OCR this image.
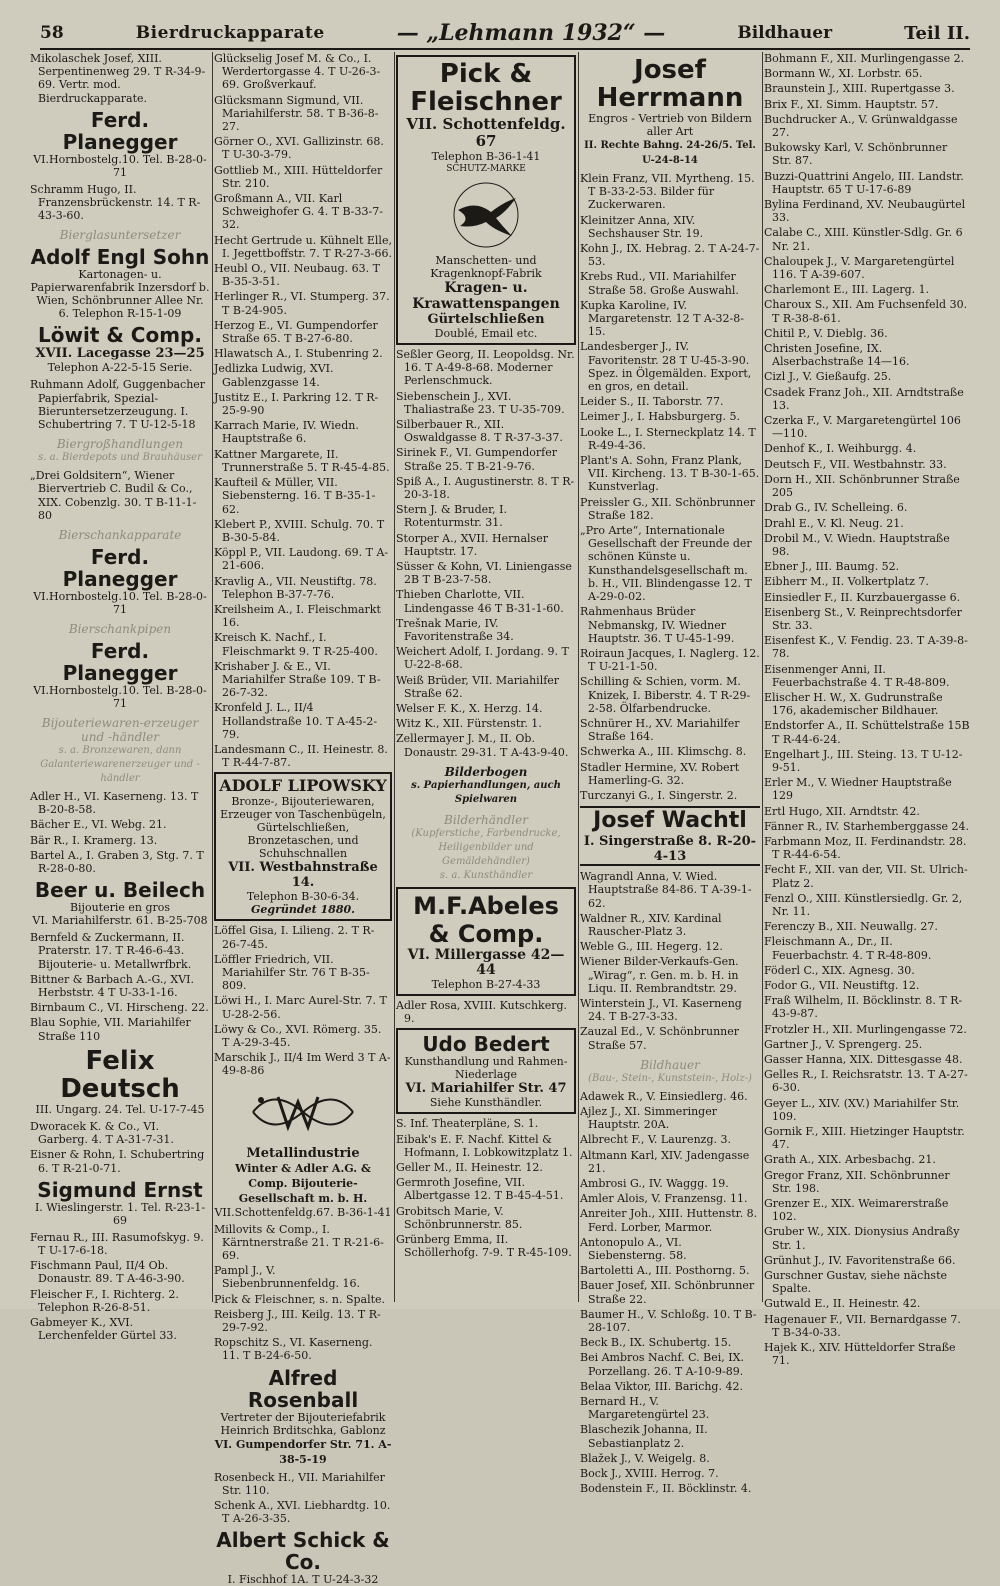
58	Bierdruckapparate	— „Lehmann 1932“ —	Bildhauer	Teil II.
Mikolaschek Josef, XIII. Serpentinenweg 29. T R-34-9-69. Vertr. mod. Bierdruckapparate.
Ferd. Planegger
VI.Hornbostelg.10. Tel. B-28-0-71
Schramm Hugo, II. Franzensbrückenstr. 14. T R-43-3-60.
Bierglasuntersetzer
Adolf Engl Sohn
Kartonagen- u. Papierwarenfabrik Inzersdorf b. Wien, Schönbrunner Allee Nr. 6. Telephon R-15-1-09
Löwit & Comp.
XVII. Lacegasse 23—25
Telephon A-22-5-15 Serie.
Ruhmann Adolf, Guggenbacher Papierfabrik, Spezial-Bieruntersetzerzeugung. I. Schubertring 7. T U-12-5-18
Biergroßhandlungen
s. a. Bierdepots und Brauhäuser
„Drei Goldsitern“, Wiener Biervertrieb C. Budil & Co., XIX. Cobenzlg. 30. T B-11-1-80
Bierschankapparate
Ferd. Planegger
VI.Hornbostelg.10. Tel. B-28-0-71
Bierschankpipen
Ferd. Planegger
VI.Hornbostelg.10. Tel. B-28-0-71
Bijouteriewaren-erzeuger und -händler
s. a. Bronzewaren, dann Galanteriewarenerzeuger und -händler
Adler H., VI. Kaserneng. 13. T B-20-8-58.
Bächer E., VI. Webg. 21.
Bär R., I. Kramerg. 13.
Bartel A., I. Graben 3, Stg. 7. T R-28-0-80.
Beer u. Beilech
Bijouterie en gros
VI. Mariahilferstr. 61. B-25-708
Bernfeld & Zuckermann, II. Praterstr. 17. T R-46-6-43. Bijouterie- u. Metallwrfbrk.
Bittner & Barbach A.-G., XVI. Herbststr. 4 T U-33-1-16.
Birnbaum C., VI. Hirscheng. 22.
Blau Sophie, VII. Mariahilfer Straße 110
Felix Deutsch
III. Ungarg. 24. Tel. U-17-7-45
Dworacek K. & Co., VI. Garberg. 4. T A-31-7-31.
Eisner & Rohn, I. Schubertring 6. T R-21-0-71.
Sigmund Ernst
I. Wieslingerstr. 1. Tel. R-23-1-69
Fernau R., III. Rasumofskyg. 9. T U-17-6-18.
Fischmann Paul, II/4 Ob. Donaustr. 89. T A-46-3-90.
Fleischer F., I. Richterg. 2. Telephon R-26-8-51.
Gabmeyer K., XVI. Lerchenfelder Gürtel 33.
Glückselig Josef M. & Co., I. Werdertorgasse 4. T U-26-3-69. Großverkauf.
Glücksmann Sigmund, VII. Mariahilferstr. 58. T B-36-8-27.
Görner O., XVI. Gallizinstr. 68. T U-30-3-79.
Gottlieb M., XIII. Hütteldorfer Str. 210.
Großmann A., VII. Karl Schweighofer G. 4. T B-33-7-32.
Hecht Gertrude u. Kühnelt Elle, I. Jegettboffstr. 7. T R-27-3-66.
Heubl O., VII. Neubaug. 63. T B-35-3-51.
Herlinger R., VI. Stumperg. 37. T B-24-905.
Herzog E., VI. Gumpendorfer Straße 65. T B-27-6-80.
Hlawatsch A., I. Stubenring 2.
Jedlizka Ludwig, XVI. Gablenzgasse 14.
Justitz E., I. Parkring 12. T R-25-9-90
Karrach Marie, IV. Wiedn. Hauptstraße 6.
Kattner Margarete, II. Trunnerstraße 5. T R-45-4-85.
Kaufteil & Müller, VII. Siebensterng. 16. T B-35-1-62.
Klebert P., XVIII. Schulg. 70. T B-30-5-84.
Köppl P., VII. Laudong. 69. T A-21-606.
Kravlig A., VII. Neustiftg. 78. Telephon B-37-7-76.
Kreilsheim A., I. Fleischmarkt 16.
Kreisch K. Nachf., I. Fleischmarkt 9. T R-25-400.
Krishaber J. & E., VI. Mariahilfer Straße 109. T B-26-7-32.
Kronfeld J. L., II/4 Hollandstraße 10. T A-45-2-79.
Landesmann C., II. Heinestr. 8. T R-44-7-87.
ADOLF LIPOWSKY
Bronze-, Bijouteriewaren, Erzeuger von Taschenbügeln, Gürtelschließen, Bronzetaschen, und Schuhschnallen
VII. Westbahnstraße 14.
Telephon B-30-6-34.
Gegründet 1880.
Löffel Gisa, I. Lilieng. 2. T R-26-7-45.
Löffler Friedrich, VII. Mariahilfer Str. 76 T B-35-809.
Löwi H., I. Marc Aurel-Str. 7. T U-28-2-56.
Löwy & Co., XVI. Römerg. 35. T A-29-3-45.
Marschik J., II/4 Im Werd 3 T A-49-8-86
Metallindustrie
Winter & Adler A.G. & Comp. Bijouterie-Gesellschaft m. b. H.
VII.Schottenfeldg.67. B-36-1-41
Millovits & Comp., I. Kärntnerstraße 21. T R-21-6-69.
Pampl J., V. Siebenbrunnenfeldg. 16.
Pick & Fleischner, s. n. Spalte.
Reisberg J., III. Keilg. 13. T R-29-7-92.
Ropschitz S., VI. Kaserneng. 11. T B-24-6-50.
Alfred Rosenball
Vertreter der Bijouteriefabrik Heinrich Brditschka, Gablonz
VI. Gumpendorfer Str. 71. A-38-5-19
Rosenbeck H., VII. Mariahilfer Str. 110.
Schenk A., XVI. Liebhardtg. 10. T A-26-3-35.
Albert Schick & Co.
I. Fischhof 1A. T U-24-3-32
Pick & Fleischner
VII. Schottenfeldg. 67
Telephon B-36-1-41
SCHUTZ-MARKE
Manschetten- und Kragenknopf-Fabrik
Kragen- u. Krawattenspangen
Gürtelschließen
Doublé, Email etc.
Seßler Georg, II. Leopoldsg. Nr. 16. T A-49-8-68. Moderner Perlenschmuck.
Siebenschein J., XVI. Thaliastraße 23. T U-35-709.
Silberbauer R., XII. Oswaldgasse 8. T R-37-3-37.
Sirinek F., VI. Gumpendorfer Straße 25. T B-21-9-76.
Spiß A., I. Augustinerstr. 8. T R-20-3-18.
Stern J. & Bruder, I. Rotenturmstr. 31.
Storper A., XVII. Hernalser Hauptstr. 17.
Süsser & Kohn, VI. Liniengasse 2B T B-23-7-58.
Thieben Charlotte, VII. Lindengasse 46 T B-31-1-60.
Trešnak Marie, IV. Favoritenstraße 34.
Weichert Adolf, I. Jordang. 9. T U-22-8-68.
Weiß Brüder, VII. Mariahilfer Straße 62.
Welser F. K., X. Herzg. 14.
Witz K., XII. Fürstenstr. 1.
Zellermayer J. M., II. Ob. Donaustr. 29-31. T A-43-9-40.
Bilderbogen
s. Papierhandlungen, auch Spielwaren
Bilderhändler
(Kupferstiche, Farbendrucke, Heiligenbilder und Gemäldehändler)
s. a. Kunsthändler
M.F.Abeles & Comp.
VI. Millergasse 42—44
Telephon B-27-4-33
Adler Rosa, XVIII. Kutschkerg. 9.
Udo Bedert
Kunsthandlung und Rahmen-Niederlage
VI. Mariahilfer Str. 47
Siehe Kunsthändler.
S. Inf. Theaterpläne, S. 1.
Eibak's E. F. Nachf. Kittel & Hofmann, I. Lobkowitzplatz 1.
Geller M., II. Heinestr. 12.
Germroth Josefine, VII. Albertgasse 12. T B-45-4-51.
Grobitsch Marie, V. Schönbrunnerstr. 85.
Grünberg Emma, II. Schöllerhofg. 7-9. T R-45-109.
Josef Herrmann
Engros - Vertrieb von Bildern aller Art
II. Rechte Bahng. 24-26/5. Tel. U-24-8-14
Klein Franz, VII. Myrtheng. 15. T B-33-2-53. Bilder für Zuckerwaren.
Kleinitzer Anna, XIV. Sechshauser Str. 19.
Kohn J., IX. Hebrag. 2. T A-24-7-53.
Krebs Rud., VII. Mariahilfer Straße 58. Große Auswahl.
Kupka Karoline, IV. Margaretenstr. 12 T A-32-8-15.
Landesberger J., IV. Favoritenstr. 28 T U-45-3-90. Spez. in Ölgemälden. Export, en gros, en detail.
Leider S., II. Taborstr. 77.
Leimer J., I. Habsburgerg. 5.
Looke L., I. Sterneckplatz 14. T R-49-4-36.
Plant's A. Sohn, Franz Plank, VII. Kircheng. 13. T B-30-1-65. Kunstverlag.
Preissler G., XII. Schönbrunner Straße 182.
„Pro Arte“, Internationale Gesellschaft der Freunde der schönen Künste u. Kunsthandelsgesellschaft m. b. H., VII. Blindengasse 12. T A-29-0-02.
Rahmenhaus Brüder Nebmanskg, IV. Wiedner Hauptstr. 36. T U-45-1-99.
Roiraun Jacques, I. Naglerg. 12. T U-21-1-50.
Schilling & Schien, vorm. M. Knizek, I. Biberstr. 4. T R-29-2-58. Ölfarbendrucke.
Schnürer H., XV. Mariahilfer Straße 164.
Schwerka A., III. Klimschg. 8.
Stadler Hermine, XV. Robert Hamerling-G. 32.
Turczanyi G., I. Singerstr. 2.
Josef Wachtl
I. Singerstraße 8. R-20-4-13
Wagrandl Anna, V. Wied. Hauptstraße 84-86. T A-39-1-62.
Waldner R., XIV. Kardinal Rauscher-Platz 3.
Weble G., III. Hegerg. 12.
Wiener Bilder-Verkaufs-Gen. „Wirag“, r. Gen. m. b. H. in Liqu. II. Rembrandtstr. 29.
Winterstein J., VI. Kaserneng 24. T B-27-3-33.
Zauzal Ed., V. Schönbrunner Straße 57.
Bildhauer
(Bau-, Stein-, Kunststein-, Holz-)
Adawek R., V. Einsiedlerg. 46.
Ajlez J., XI. Simmeringer Hauptstr. 20A.
Albrecht F., V. Laurenzg. 3.
Altmann Karl, XIV. Jadengasse 21.
Ambrosi G., IV. Waggg. 19.
Amler Alois, V. Franzensg. 11.
Anreiter Joh., XIII. Huttenstr. 8. Ferd. Lorber, Marmor.
Antonopulo A., VI. Siebensterng. 58.
Bartoletti A., III. Posthorng. 5.
Bauer Josef, XII. Schönbrunner Straße 22.
Baumer H., V. Schloßg. 10. T B-28-107.
Beck B., IX. Schubertg. 15.
Bei Ambros Nachf. C. Bei, IX. Porzellang. 26. T A-10-9-89.
Belaa Viktor, III. Barichg. 42.
Bernard H., V. Margaretengürtel 23.
Blaschezik Johanna, II. Sebastianplatz 2.
Blažek J., V. Weigelg. 8.
Bock J., XVIII. Herrog. 7.
Bodenstein F., II. Böcklinstr. 4.
Bohmann F., XII. Murlingengasse 2.
Bormann W., XI. Lorbstr. 65.
Braunstein J., XIII. Rupertgasse 3.
Brix F., XI. Simm. Hauptstr. 57.
Buchdrucker A., V. Grünwaldgasse 27.
Bukowsky Karl, V. Schönbrunner Str. 87.
Buzzi-Quattrini Angelo, III. Landstr. Hauptstr. 65 T U-17-6-89
Bylina Ferdinand, XV. Neubaugürtel 33.
Calabe C., XIII. Künstler-Sdlg. Gr. 6 Nr. 21.
Chaloupek J., V. Margaretengürtel 116. T A-39-607.
Charlemont E., III. Lagerg. 1.
Charoux S., XII. Am Fuchsenfeld 30. T R-38-8-61.
Chitil P., V. Dieblg. 36.
Christen Josefine, IX. Alserbachstraße 14—16.
Cizl J., V. Gießaufg. 25.
Csadek Franz Joh., XII. Arndtstraße 13.
Czerka F., V. Margaretengürtel 106—110.
Denhof K., I. Weihburgg. 4.
Deutsch F., VII. Westbahnstr. 33.
Dorn H., XII. Schönbrunner Straße 205
Drab G., IV. Schelleing. 6.
Drahl E., V. Kl. Neug. 21.
Drobil M., V. Wiedn. Hauptstraße 98.
Ebner J., III. Baumg. 52.
Eibherr M., II. Volkertplatz 7.
Einsiedler F., II. Kurzbauergasse 6.
Eisenberg St., V. Reinprechtsdorfer Str. 33.
Eisenfest K., V. Fendig. 23. T A-39-8-78.
Eisenmenger Anni, II. Feuerbachstraße 4. T R-48-809.
Elischer H. W., X. Gudrunstraße 176, akademischer Bildhauer.
Endstorfer A., II. Schüttelstraße 15B T R-44-6-24.
Engelhart J., III. Steing. 13. T U-12-9-51.
Erler M., V. Wiedner Hauptstraße 129
Ertl Hugo, XII. Arndtstr. 42.
Fänner R., IV. Starhemberggasse 24.
Farbmann Moz, II. Ferdinandstr. 28. T R-44-6-54.
Fecht F., XII. van der, VII. St. Ulrich-Platz 2.
Fenzl O., XIII. Künstlersiedlg. Gr. 2, Nr. 11.
Ferenczy B., XII. Neuwallg. 27.
Fleischmann A., Dr., II. Feuerbachstr. 4. T R-48-809.
Föderl C., XIX. Agnesg. 30.
Fodor G., VII. Neustiftg. 12.
Fraß Wilhelm, II. Böcklinstr. 8. T R-43-9-87.
Frotzler H., XII. Murlingengasse 72.
Gartner J., V. Sprengerg. 25.
Gasser Hanna, XIX. Dittesgasse 48.
Gelles R., I. Reichsratstr. 13. T A-27-6-30.
Geyer L., XIV. (XV.) Mariahilfer Str. 109.
Gornik F., XIII. Hietzinger Hauptstr. 47.
Grath A., XIX. Arbesbachg. 21.
Gregor Franz, XII. Schönbrunner Str. 198.
Grenzer E., XIX. Weimarerstraße 102.
Gruber W., XIX. Dionysius Andraßy Str. 1.
Grünhut J., IV. Favoritenstraße 66.
Gurschner Gustav, siehe nächste Spalte.
Gutwald E., II. Heinestr. 42.
Hagenauer F., VII. Bernardgasse 7. T B-34-0-33.
Hajek K., XIV. Hütteldorfer Straße 71.
